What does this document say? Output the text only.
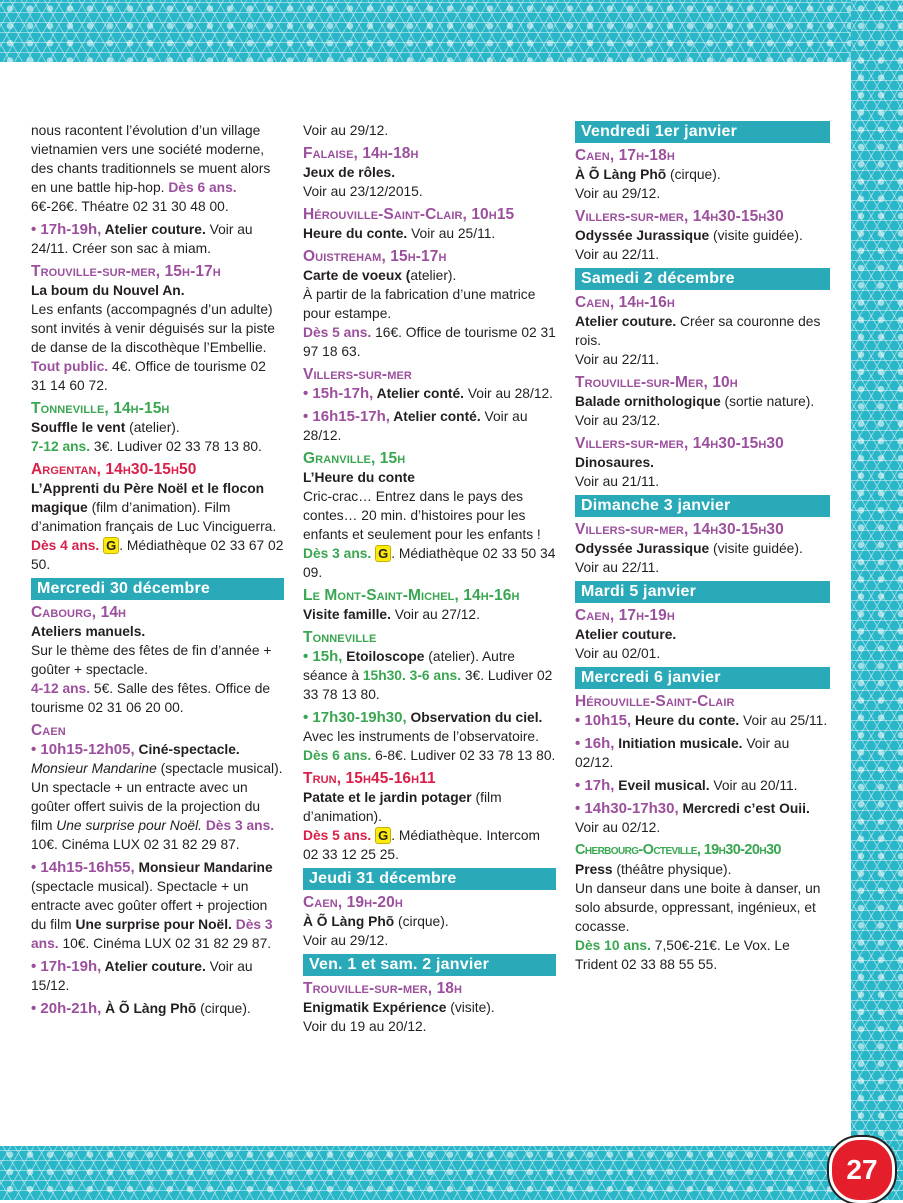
nous racontent l’évolution d’un village vietnamien vers une société moderne, des chants traditionnels se muent alors en une battle hip-hop. Dès 6 ans. 6€-26€. Théatre 02 31 30 48 00.

• 17h-19h, Atelier couture. Voir au 24/11. Créer son sac à miam.

Trouville-sur-mer, 15h-17h
La boum du Nouvel An.
Les enfants (accompagnés d’un adulte) sont invités à venir déguisés sur la piste de danse de la discothèque l’Embellie.
Tout public. 4€. Office de tourisme 02 31 14 60 72.
Tonneville, 14h-15h
Souffle le vent (atelier).
7-12 ans. 3€. Ludiver 02 33 78 13 80.
Argentan, 14h30-15h50
L’Apprenti du Père Noël et le flocon magique (film d’animation). Film d’animation français de Luc Vinciguerra.
Dès 4 ans. G . Médiathèque 02 33 67 02 50.
Mercredi 30 décembre
Cabourg, 14h
Ateliers manuels.
Sur le thème des fêtes de fin d’année + goûter + spectacle.
4-12 ans. 5€. Salle des fêtes. Office de tourisme 02 31 06 20 00.
Caen

• 10h15-12h05, Ciné-spectacle.
Monsieur Mandarine (spectacle musical). Un spectacle + un entracte avec un goûter offert suivis de la projection du film Une surprise pour Noël. Dès 3 ans. 10€. Cinéma LUX 02 31 82 29 87.

• 14h15-16h55, Monsieur Mandarine (spectacle musical). Spectacle + un entracte avec goûter offert + projection du film Une surprise pour Noël. Dès 3 ans. 10€. Cinéma LUX 02 31 82 29 87.

• 17h-19h, Atelier couture. Voir au 15/12.

• 20h-21h, À Õ Làng Phõ (cirque).

Voir au 29/12.
Falaise, 14h-18h
Jeux de rôles.
Voir au 23/12/2015.
Hérouville-Saint-Clair, 10h15
Heure du conte. Voir au 25/11.
Ouistreham, 15h-17h
Carte de voeux (atelier).
À partir de la fabrication d’une matrice pour estampe.
Dès 5 ans. 16€. Office de tourisme 02 31 97 18 63.
Villers-sur-mer

• 15h-17h, Atelier conté. Voir au 28/12.

• 16h15-17h, Atelier conté. Voir au 28/12.

Granville, 15h
L’Heure du conte
Cric-crac… Entrez dans le pays des contes… 20 min. d’histoires pour les enfants et seulement pour les enfants !
Dès 3 ans. G . Médiathèque 02 33 50 34 09.
Le Mont-Saint-Michel, 14h-16h
Visite famille. Voir au 27/12.
Tonneville

• 15h, Etoiloscope (atelier). Autre séance à 15h30. 3-6 ans. 3€. Ludiver 02 33 78 13 80.

• 17h30-19h30, Observation du ciel. Avec les instruments de l’observatoire. Dès 6 ans. 6-8€. Ludiver 02 33 78 13 80.

Trun, 15h45-16h11
Patate et le jardin potager (film d’animation).
Dès 5 ans. G . Médiathèque. Intercom 02 33 12 25 25.
Jeudi 31 décembre
Caen, 19h-20h
À Õ Làng Phõ (cirque).
Voir au 29/12.
Ven. 1 et sam. 2 janvier
Trouville-sur-mer, 18h
Enigmatik Expérience (visite).
Voir du 19 au 20/12.
Vendredi 1er janvier
Caen, 17h-18h
À Õ Làng Phõ (cirque).
Voir au 29/12.
Villers-sur-mer, 14h30-15h30
Odyssée Jurassique (visite guidée). Voir au 22/11.
Samedi 2 décembre
Caen, 14h-16h
Atelier couture. Créer sa couronne des rois.
Voir au 22/11.
Trouville-sur-Mer, 10h
Balade ornithologique (sortie nature).
Voir au 23/12.
Villers-sur-mer, 14h30-15h30
Dinosaures.
Voir au 21/11.
Dimanche 3 janvier
Villers-sur-mer, 14h30-15h30
Odyssée Jurassique (visite guidée).
Voir au 22/11.
Mardi 5 janvier
Caen, 17h-19h
Atelier couture.
Voir au 02/01.
Mercredi 6 janvier
Hérouville-Saint-Clair

• 10h15, Heure du conte. Voir au 25/11.

• 16h, Initiation musicale. Voir au 02/12.

• 17h, Eveil musical. Voir au 20/11.

• 14h30-17h30, Mercredi c’est Ouii. Voir au 02/12.

Cherbourg-Octeville, 19h30-20h30
Press (théâtre physique).
Un danseur dans une boite à danser, un solo absurde, oppressant, ingénieux, et cocasse.
Dès 10 ans. 7,50€-21€. Le Vox. Le Trident 02 33 88 55 55.
27
